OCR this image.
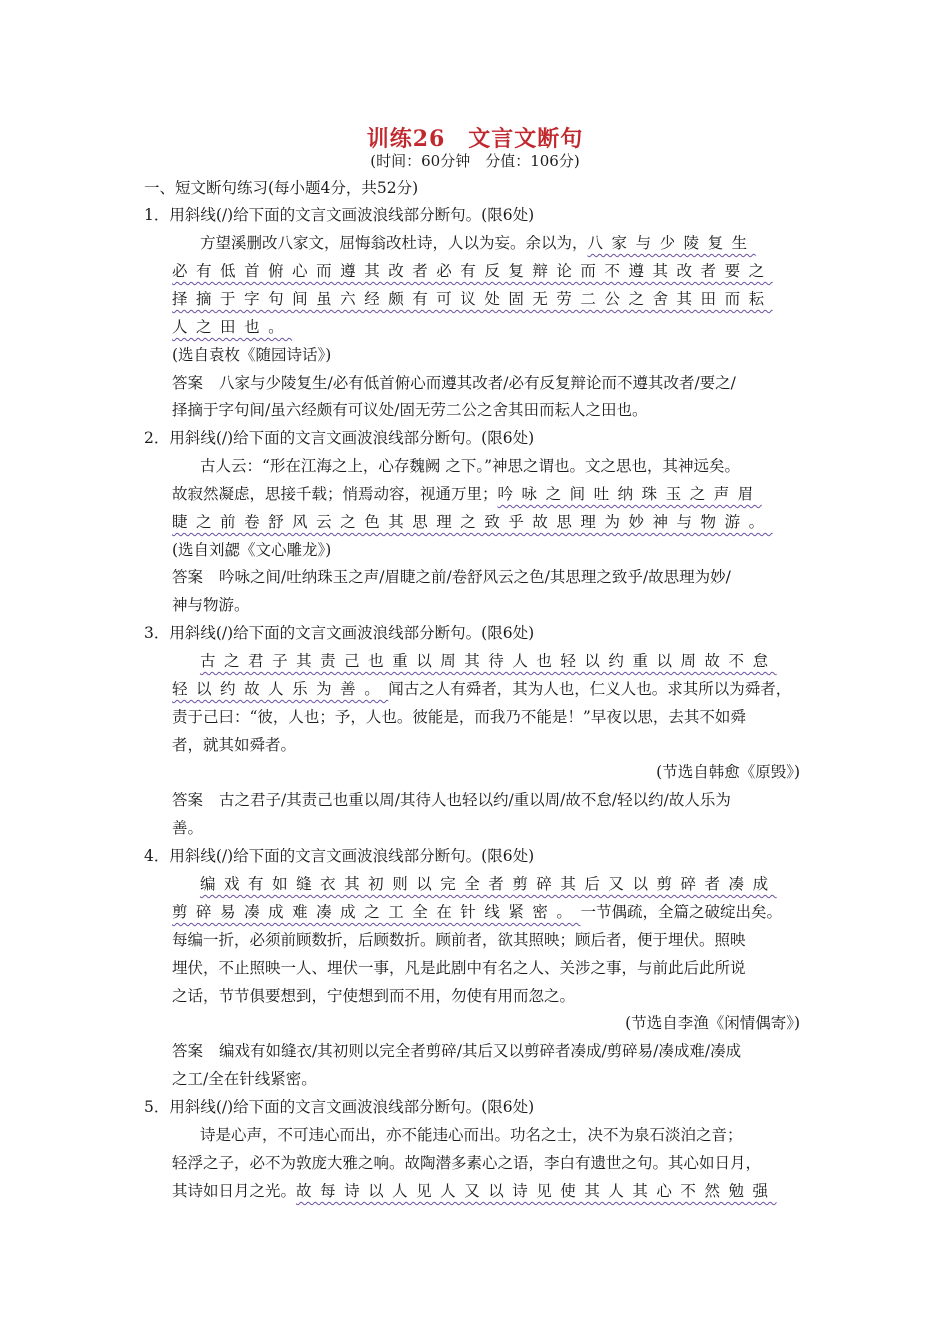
训练26　文言文断句
(时间：60分钟　分值：106分)
一、短文断句练习(每小题4分，共52分)
1．用斜线(/)给下面的文言文画波浪线部分断句。(限6处)
方望溪删改八家文，屈悔翁改杜诗，人以为妄。余以为，八家与少陵复生
必有低首俯心而遵其改者必有反复辩论而不遵其改者要之
择摘于字句间虽六经颇有可议处固无劳二公之舍其田而耘
人之田也。
(选自袁枚《随园诗话》)
答案 八家与少陵复生/必有低首俯心而遵其改者/必有反复辩论而不遵其改者/要之/
择摘于字句间/虽六经颇有可议处/固无劳二公之舍其田而耘人之田也。
2．用斜线(/)给下面的文言文画波浪线部分断句。(限6处)
古人云：“形在江海之上，心存魏阙 之下。”神思之谓也。文之思也，其神远矣。
故寂然凝虑，思接千载；悄焉动容，视通万里；吟咏之间吐纳珠玉之声眉
睫之前卷舒风云之色其思理之致乎故思理为妙神与物游。
(选自刘勰《文心雕龙》)
答案 吟咏之间/吐纳珠玉之声/眉睫之前/卷舒风云之色/其思理之致乎/故思理为妙/
神与物游。
3．用斜线(/)给下面的文言文画波浪线部分断句。(限6处)
古之君子其责己也重以周其待人也轻以约重以周故不怠
轻以约故人乐为善。闻古之人有舜者，其为人也，仁义人也。求其所以为舜者，
责于己曰：“彼，人也；予，人也。彼能是，而我乃不能是！”早夜以思，去其不如舜
者，就其如舜者。
(节选自韩愈《原毁》)
答案 古之君子/其责己也重以周/其待人也轻以约/重以周/故不怠/轻以约/故人乐为
善。
4．用斜线(/)给下面的文言文画波浪线部分断句。(限6处)
编戏有如缝衣其初则以完全者剪碎其后又以剪碎者凑成
剪碎易凑成难凑成之工全在针线紧密。一节偶疏，全篇之破绽出矣。
每编一折，必须前顾数折，后顾数折。顾前者，欲其照映；顾后者，便于埋伏。照映
埋伏，不止照映一人、埋伏一事，凡是此剧中有名之人、关涉之事，与前此后此所说
之话，节节俱要想到，宁使想到而不用，勿使有用而忽之。
(节选自李渔《闲情偶寄》)
答案 编戏有如缝衣/其初则以完全者剪碎/其后又以剪碎者凑成/剪碎易/凑成难/凑成
之工/全在针线紧密。
5．用斜线(/)给下面的文言文画波浪线部分断句。(限6处)
诗是心声，不可违心而出，亦不能违心而出。功名之士，决不为泉石淡泊之音；
轻浮之子，必不为敦庞大雅之响。故陶潜多素心之语，李白有遗世之句。其心如日月，
其诗如日月之光。故每诗以人见人又以诗见使其人其心不然勉强
